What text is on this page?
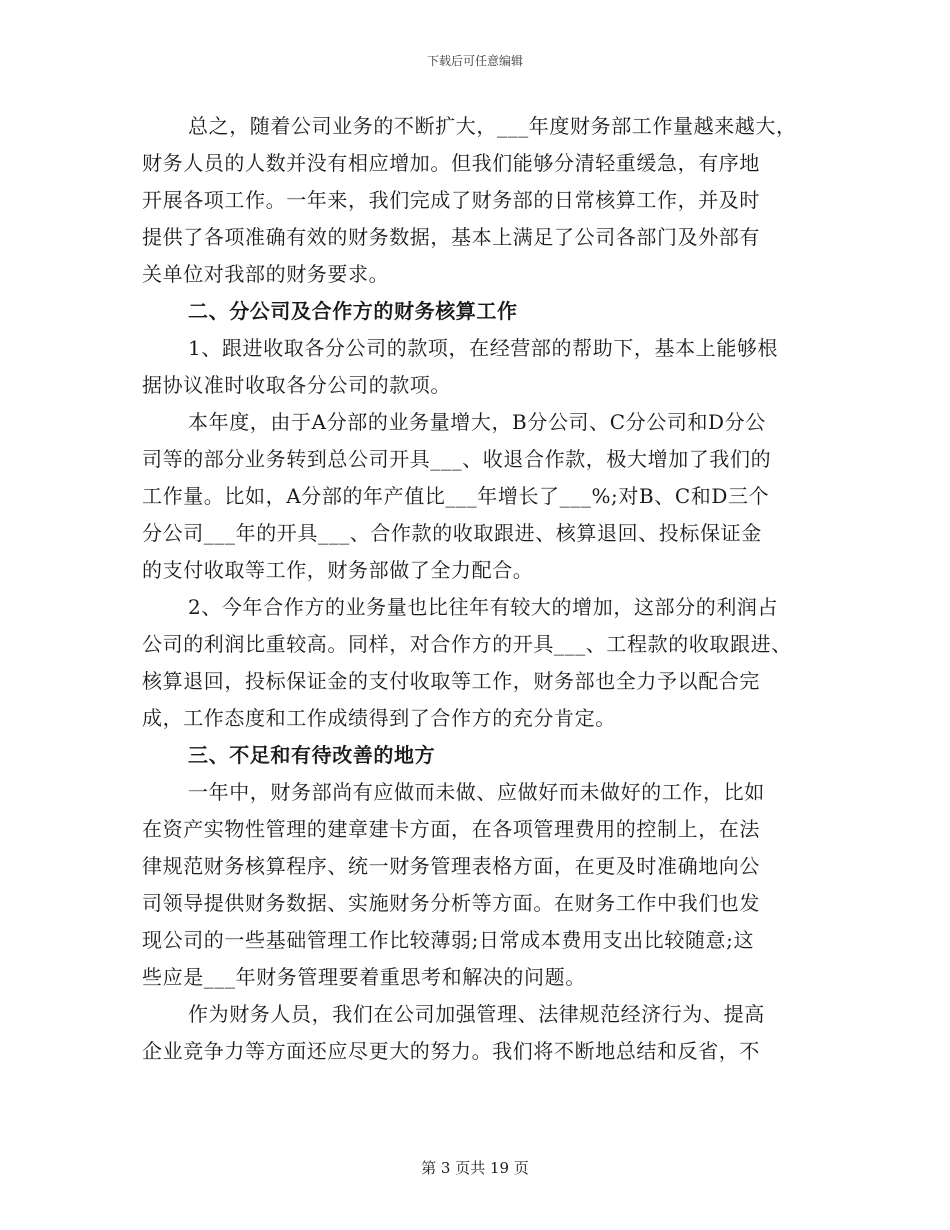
下载后可任意编辑
总之，随着公司业务的不断扩大，___年度财务部工作量越来越大，
财务人员的人数并没有相应增加。但我们能够分清轻重缓急，有序地
开展各项工作。一年来，我们完成了财务部的日常核算工作，并及时
提供了各项准确有效的财务数据，基本上满足了公司各部门及外部有
关单位对我部的财务要求。
二、分公司及合作方的财务核算工作
1、跟进收取各分公司的款项，在经营部的帮助下，基本上能够根
据协议准时收取各分公司的款项。
本年度，由于A分部的业务量增大，B分公司、C分公司和D分公
司等的部分业务转到总公司开具___、收退合作款，极大增加了我们的
工作量。比如，A分部的年产值比___年增长了___%;对B、C和D三个
分公司___年的开具___、合作款的收取跟进、核算退回、投标保证金
的支付收取等工作，财务部做了全力配合。
2、今年合作方的业务量也比往年有较大的增加，这部分的利润占
公司的利润比重较高。同样，对合作方的开具___、工程款的收取跟进、
核算退回，投标保证金的支付收取等工作，财务部也全力予以配合完
成，工作态度和工作成绩得到了合作方的充分肯定。
三、不足和有待改善的地方
一年中，财务部尚有应做而未做、应做好而未做好的工作，比如
在资产实物性管理的建章建卡方面，在各项管理费用的控制上，在法
律规范财务核算程序、统一财务管理表格方面，在更及时准确地向公
司领导提供财务数据、实施财务分析等方面。在财务工作中我们也发
现公司的一些基础管理工作比较薄弱;日常成本费用支出比较随意;这
些应是___年财务管理要着重思考和解决的问题。
作为财务人员，我们在公司加强管理、法律规范经济行为、提高
企业竞争力等方面还应尽更大的努力。我们将不断地总结和反省，不
第 3 页共 19 页
